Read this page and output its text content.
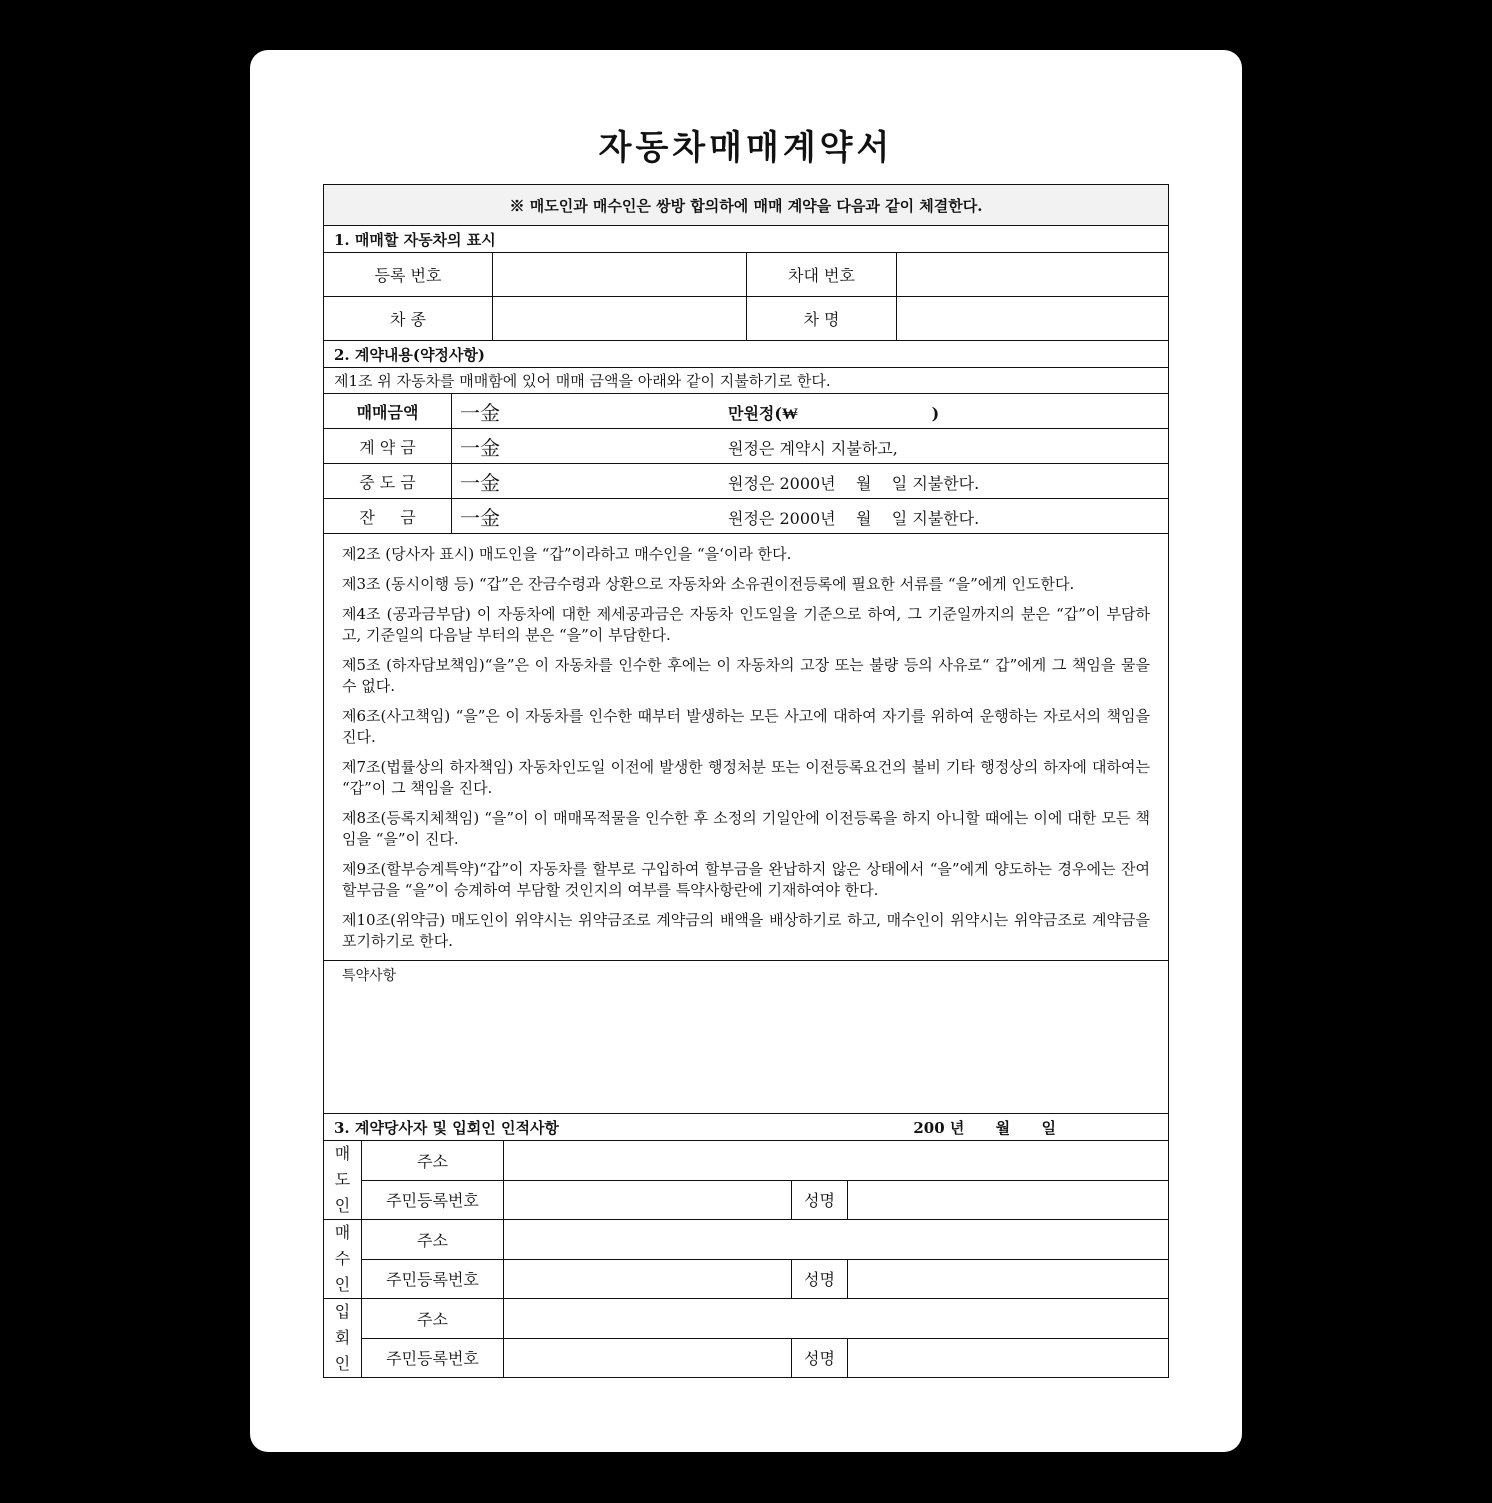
자동차매매계약서
※ 매도인과 매수인은 쌍방 합의하에 매매 계약을 다음과 같이 체결한다.			
1. 매매할 자동차의 표시			
등록 번호		차대 번호	
차 종		차 명	
2. 계약내용(약정사항)			
제1조 위 자동차를 매매함에 있어 매매 금액을 아래와 같이 지불하기로 한다.			
매매금액	一金 만원정(₩                        )

계 약 금	一金 원정은 계약시 지불하고,

중 도 금	一金 원정은 2000년    월    일 지불한다.

잔     금	一金 원정은 2000년    월    일 지불한다.
제2조 (당사자 표시) 매도인을 “갑”이라하고 매수인을 “을‘이라 한다.
제3조 (동시이행 등) “갑”은 잔금수령과 상환으로 자동차와 소유권이전등록에 필요한 서류를 “을”에게 인도한다.
제4조 (공과금부담) 이 자동차에 대한 제세공과금은 자동차 인도일을 기준으로 하여, 그 기준일까지의 분은 “갑”이 부담하고, 기준일의 다음날 부터의 분은 “을”이 부담한다.
제5조 (하자담보책임)“을”은 이 자동차를 인수한 후에는 이 자동차의 고장 또는 불량 등의 사유로“ 갑”에게 그 책임을 물을 수 없다.
제6조(사고책임) “을”은 이 자동차를 인수한 때부터 발생하는 모든 사고에 대하여 자기를 위하여 운행하는 자로서의 책임을 진다.
제7조(법률상의 하자책임) 자동차인도일 이전에 발생한 행정처분 또는 이전등록요건의 불비 기타 행정상의 하자에 대하여는 “갑”이 그 책임을 진다.
제8조(등록지체책임) “을”이 이 매매목적물을 인수한 후 소정의 기일안에 이전등록을 하지 아니할 때에는 이에 대한 모든 책임을 “을”이 진다.
제9조(할부승계특약)“갑”이 자동차를 할부로 구입하여 할부금을 완납하지 않은 상태에서 “을”에게 양도하는 경우에는 잔여할부금을 “을”이 승계하여 부담할 것인지의 여부를 특약사항란에 기재하여야 한다.
제10조(위약금) 매도인이 위약시는 위약금조로 계약금의 배액을 배상하기로 하고, 매수인이 위약시는 위약금조로 계약금을 포기하기로 한다.

특약사항
3. 계약당사자 및 입회인 인적사항	200 년      월      일
매
도
인	주소			
	주민등록번호		성명	
매
수
인	주소			
	주민등록번호		성명	
입
회
인	주소			
	주민등록번호		성명	
